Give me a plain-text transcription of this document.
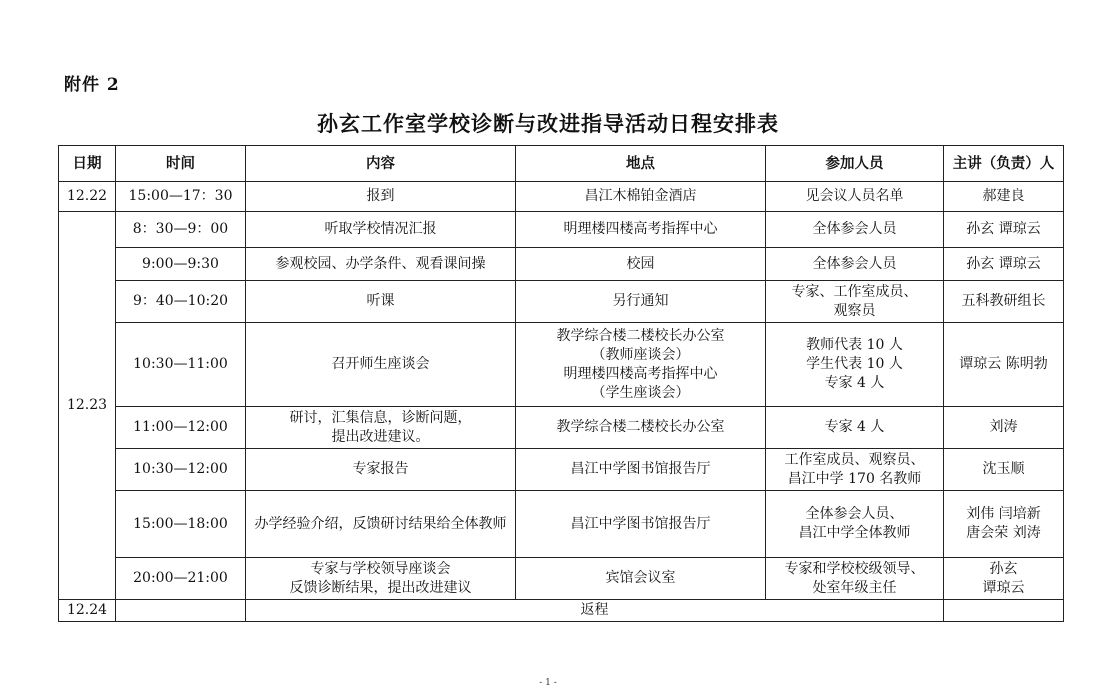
附件 2
孙玄工作室学校诊断与改进指导活动日程安排表
日期	时间	内容	地点	参加人员	主讲（负责）人
12.22	15:00—17：30	报到	昌江木棉铂金酒店	见会议人员名单	郝建良

12.23	8：30—9：00	听取学校情况汇报	明理楼四楼高考指挥中心	全体参会人员	孙玄 谭琼云

	9:00—9:30	参观校园、办学条件、观看课间操	校园	全体参会人员	孙玄 谭琼云

	9：40—10:20	听课	另行通知	专家、工作室成员、
观察员	五科教研组长

	10:30—11:00	召开师生座谈会	教学综合楼二楼校长办公室
（教师座谈会）
明理楼四楼高考指挥中心
（学生座谈会）	教师代表 10 人
学生代表 10 人
专家 4 人	谭琼云 陈明勃

	11:00—12:00	研讨，汇集信息，诊断问题，
提出改进建议。	教学综合楼二楼校长办公室	专家 4 人	刘涛

	10:30—12:00	专家报告	昌江中学图书馆报告厅	工作室成员、观察员、
昌江中学 170 名教师	沈玉顺

	15:00—18:00	办学经验介绍，反馈研讨结果给全体教师	昌江中学图书馆报告厅	全体参会人员、
昌江中学全体教师	刘伟 闫培新
唐会荣 刘涛

	20:00—21:00	专家与学校领导座谈会
反馈诊断结果，提出改进建议	宾馆会议室	专家和学校校级领导、
处室年级主任	孙玄
谭琼云

12.24		返程			
- 1 -
